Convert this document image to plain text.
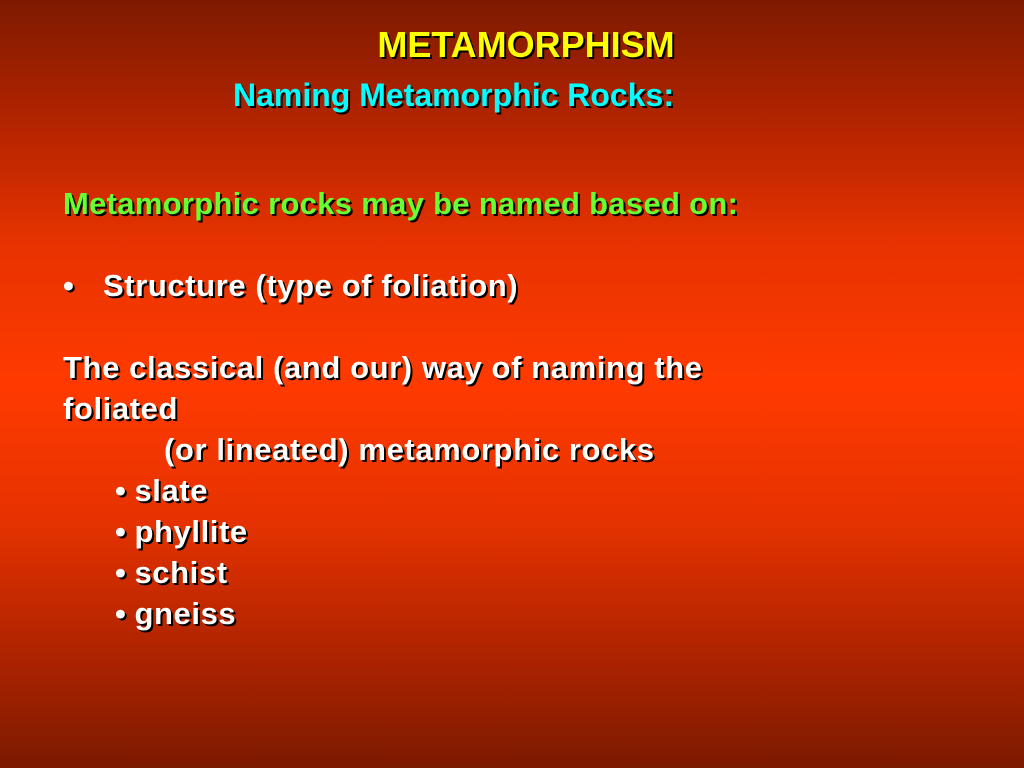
METAMORPHISM
Naming Metamorphic Rocks:

Metamorphic rocks may be named based on:

• Structure (type of foliation)

The classical (and our) way of naming the

foliated

(or lineated) metamorphic rocks

• slate

• phyllite

• schist

• gneiss
